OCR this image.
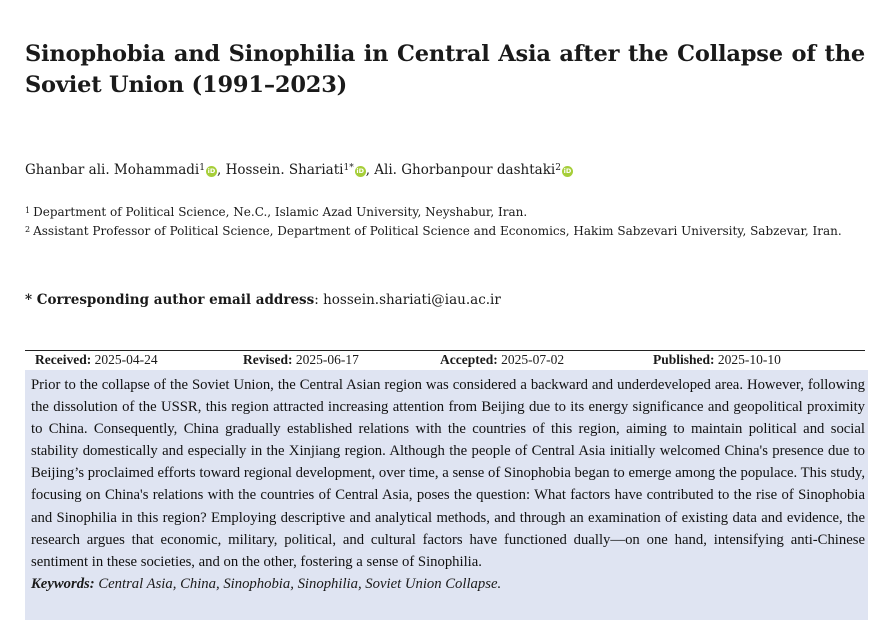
Sinophobia and Sinophilia in Central Asia after the Collapse of the Soviet Union (1991–2023)
Ghanbar ali. Mohammadi$^1$ iD , Hossein. Shariati$^{1*}$ iD , Ali. Ghorbanpour dashtaki$^2$ iD
$^1$ Department of Political Science, Ne.C., Islamic Azad University, Neyshabur, Iran.
$^2$ Assistant Professor of Political Science, Department of Political Science and Economics, Hakim Sabzevari University, Sabzevar, Iran.
* Corresponding author email address: hossein.shariati@iau.ac.ir
Received: 2025-04-24	Revised: 2025-06-17	Accepted: 2025-07-02	Published: 2025-10-10

Prior to the collapse of the Soviet Union, the Central Asian region was considered a backward and underdeveloped area. However, following the dissolution of the USSR, this region attracted increasing attention from Beijing due to its energy significance and geopolitical proximity to China. Consequently, China gradually established relations with the countries of this region, aiming to maintain political and social stability domestically and especially in the Xinjiang region. Although the people of Central Asia initially welcomed China's presence due to Beijing’s proclaimed efforts toward regional development, over time, a sense of Sinophobia began to emerge among the populace. This study, focusing on China's relations with the countries of Central Asia, poses the question: What factors have contributed to the rise of Sinophobia and Sinophilia in this region? Employing descriptive and analytical methods, and through an examination of existing data and evidence, the research argues that economic, military, political, and cultural factors have functioned dually—on one hand, intensifying anti-Chinese sentiment in these societies, and on the other, fostering a sense of Sinophilia.

Keywords: Central Asia, China, Sinophobia, Sinophilia, Soviet Union Collapse.
